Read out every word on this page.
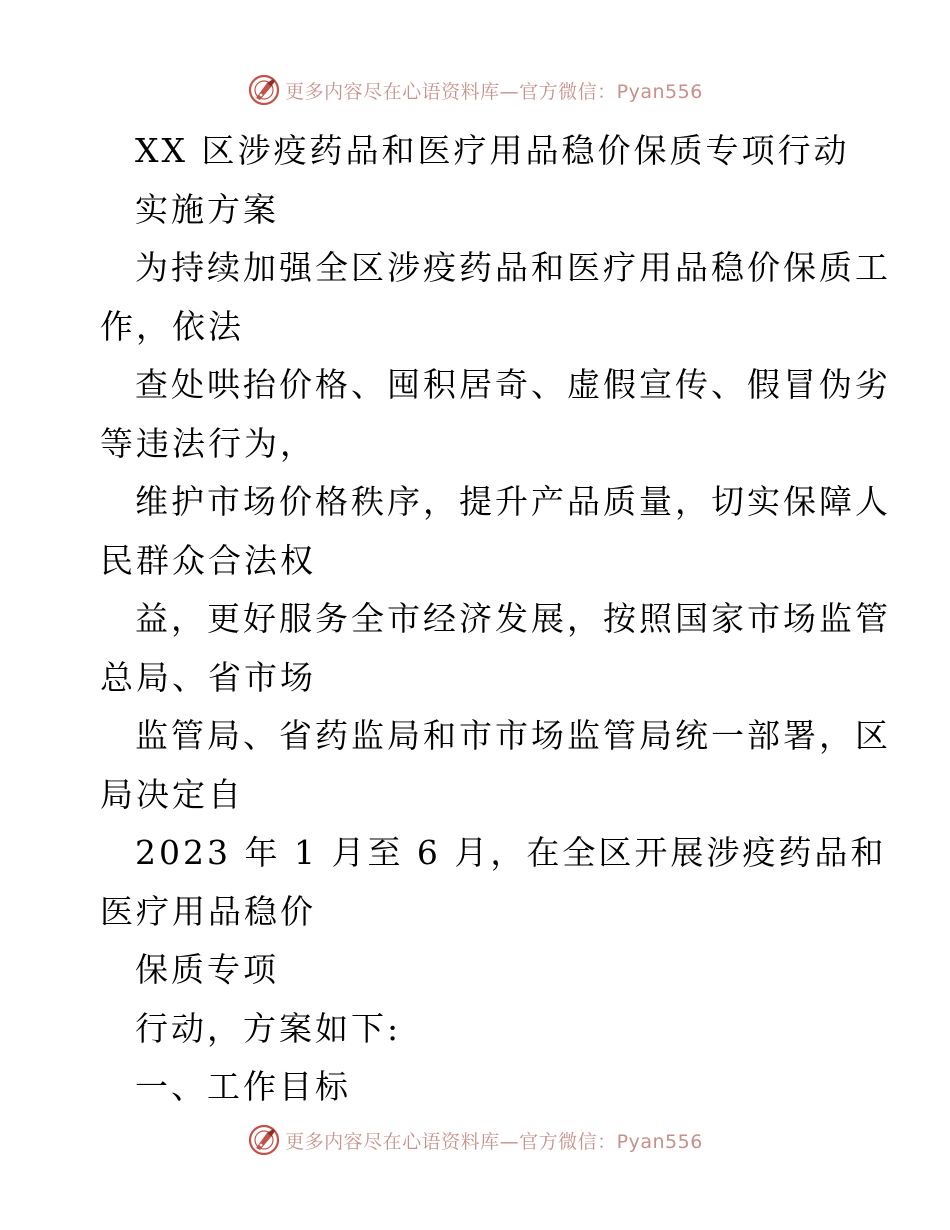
更多内容尽在心语资料库—官方微信：Pyan556
XX 区涉疫药品和医疗用品稳价保质专项行动
实施方案
为持续加强全区涉疫药品和医疗用品稳价保质工
作，依法
查处哄抬价格、囤积居奇、虚假宣传、假冒伪劣
等违法行为，
维护市场价格秩序，提升产品质量，切实保障人
民群众合法权
益，更好服务全市经济发展，按照国家市场监管
总局、省市场
监管局、省药监局和市市场监管局统一部署，区
局决定自
2023 年 1 月至 6 月，在全区开展涉疫药品和
医疗用品稳价
保质专项
行动，方案如下:
一、工作目标
更多内容尽在心语资料库—官方微信：Pyan556
